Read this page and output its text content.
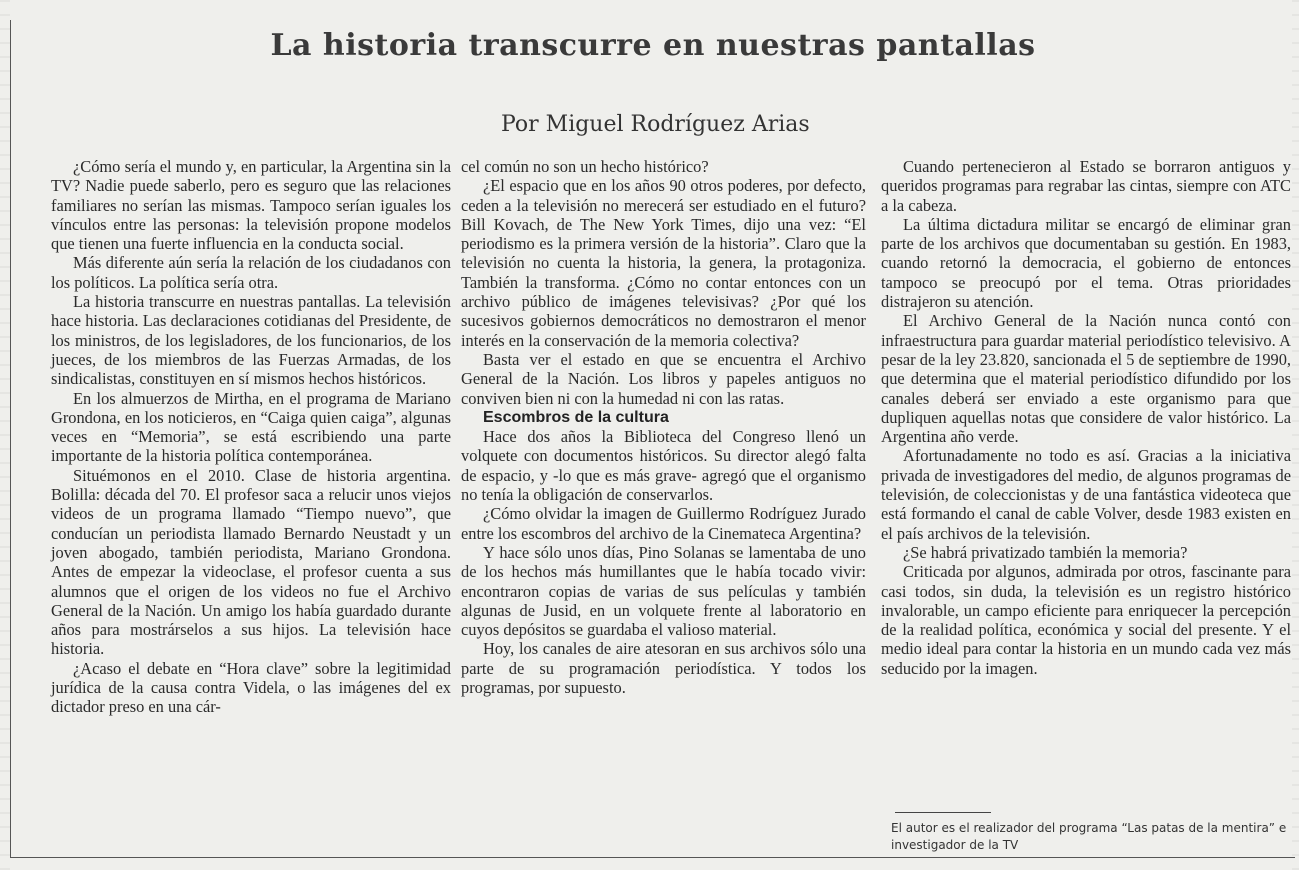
La historia transcurre en nuestras pantallas

Por Miguel Rodríguez Arias

¿Cómo sería el mundo y, en particular, la Argentina sin la TV? Nadie puede saberlo, pero es seguro que las relaciones familiares no serían las mismas. Tampoco serían iguales los vínculos entre las personas: la televisión propone modelos que tienen una fuerte influencia en la conducta social.

Más diferente aún sería la relación de los ciudadanos con los políticos. La política sería otra.

La historia transcurre en nuestras pantallas. La televisión hace historia. Las declaraciones cotidianas del Presidente, de los ministros, de los legisladores, de los funcionarios, de los jueces, de los miembros de las Fuerzas Armadas, de los sindicalistas, constituyen en sí mismos hechos históricos.

En los almuerzos de Mirtha, en el programa de Mariano Grondona, en los noticieros, en “Caiga quien caiga”, algunas veces en “Memoria”, se está escribiendo una parte importante de la historia política contemporánea.

Situémonos en el 2010. Clase de historia argentina. Bolilla: década del 70. El profesor saca a relucir unos viejos videos de un programa llamado “Tiempo nuevo”, que conducían un periodista llamado Bernardo Neustadt y un joven abogado, también periodista, Mariano Grondona. Antes de empezar la videoclase, el profesor cuenta a sus alumnos que el origen de los videos no fue el Archivo General de la Nación. Un amigo los había guardado durante años para mostrárselos a sus hijos. La televisión hace historia.

¿Acaso el debate en “Hora clave” sobre la legitimidad jurídica de la causa contra Videla, o las imágenes del ex dictador preso en una cár-

cel común no son un hecho histórico?

¿El espacio que en los años 90 otros poderes, por defecto, ceden a la televisión no merecerá ser estudiado en el futuro? Bill Kovach, de The New York Times, dijo una vez: “El periodismo es la primera versión de la historia”. Claro que la televisión no cuenta la historia, la genera, la protagoniza. También la transforma. ¿Cómo no contar entonces con un archivo público de imágenes televisivas? ¿Por qué los sucesivos gobiernos democráticos no demostraron el menor interés en la conservación de la memoria colectiva?

Basta ver el estado en que se encuentra el Archivo General de la Nación. Los libros y papeles antiguos no conviven bien ni con la humedad ni con las ratas.

Escombros de la cultura

Hace dos años la Biblioteca del Congreso llenó un volquete con documentos históricos. Su director alegó falta de espacio, y -lo que es más grave- agregó que el organismo no tenía la obligación de conservarlos.

¿Cómo olvidar la imagen de Guillermo Rodríguez Jurado entre los escombros del archivo de la Cinemateca Argentina?

Y hace sólo unos días, Pino Solanas se lamentaba de uno de los hechos más humillantes que le había tocado vivir: encontraron copias de varias de sus películas y también algunas de Jusid, en un volquete frente al laboratorio en cuyos depósitos se guardaba el valioso material.

Hoy, los canales de aire atesoran en sus archivos sólo una parte de su programación periodística. Y todos los programas, por supuesto.

Cuando pertenecieron al Estado se borraron antiguos y queridos programas para regrabar las cintas, siempre con ATC a la cabeza.

La última dictadura militar se encargó de eliminar gran parte de los archivos que documentaban su gestión. En 1983, cuando retornó la democracia, el gobierno de entonces tampoco se preocupó por el tema. Otras prioridades distrajeron su atención.

El Archivo General de la Nación nunca contó con infraestructura para guardar material periodístico televisivo. A pesar de la ley 23.820, sancionada el 5 de septiembre de 1990, que determina que el material periodístico difundido por los canales deberá ser enviado a este organismo para que dupliquen aquellas notas que considere de valor histórico. La Argentina año verde.

Afortunadamente no todo es así. Gracias a la iniciativa privada de investigadores del medio, de algunos programas de televisión, de coleccionistas y de una fantástica videoteca que está formando el canal de cable Volver, desde 1983 existen en el país archivos de la televisión.

¿Se habrá privatizado también la memoria?

Criticada por algunos, admirada por otros, fascinante para casi todos, sin duda, la televisión es un registro histórico invalorable, un campo eficiente para enriquecer la percepción de la realidad política, económica y social del presente. Y el medio ideal para contar la historia en un mundo cada vez más seducido por la imagen.

El autor es el realizador del programa “Las patas de la mentira” e investigador de la TV
